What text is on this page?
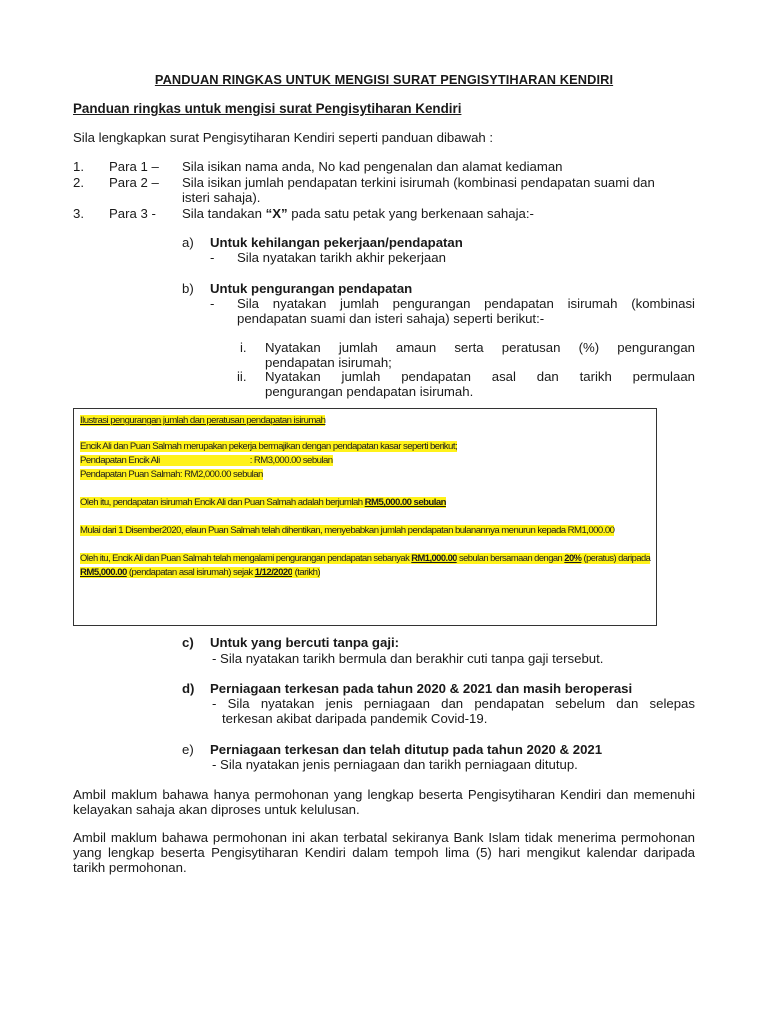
PANDUAN RINGKAS UNTUK MENGISI SURAT PENGISYTIHARAN KENDIRI
Panduan ringkas untuk mengisi surat Pengisytiharan Kendiri
Sila lengkapkan surat Pengisytiharan Kendiri seperti panduan dibawah :
1. Para 1 – Sila isikan nama anda, No kad pengenalan dan alamat kediaman
2. Para 2 – Sila isikan jumlah pendapatan terkini isirumah (kombinasi pendapatan suami dan
isteri sahaja).
3. Para 3 - Sila tandakan “X” pada satu petak yang berkenaan sahaja:-
a) Untuk kehilangan pekerjaan/pendapatan
- Sila nyatakan tarikh akhir pekerjaan
b) Untuk pengurangan pendapatan
- Sila nyatakan jumlah pengurangan pendapatan isirumah (kombinasi
pendapatan suami dan isteri sahaja) seperti berikut:-
i. Nyatakan jumlah amaun serta peratusan (%) pengurangan
pendapatan isirumah;
ii. Nyatakan jumlah pendapatan asal dan tarikh permulaan
pengurangan pendapatan isirumah.
Ilustrasi pengurangan jumlah dan peratusan pendapatan isirumah
Encik Ali dan Puan Salmah merupakan pekerja bermajikan dengan pendapatan kasar seperti berikut;
Pendapatan Encik Ali	: RM3,000.00 sebulan
Pendapatan Puan Salmah: RM2,000.00 sebulan
Oleh itu, pendapatan isirumah Encik Ali dan Puan Salmah adalah berjumlah RM5,000.00 sebulan
Mulai dari 1 Disember2020, elaun Puan Salmah telah dihentikan, menyebabkan jumlah pendapatan bulanannya menurun kepada RM1,000.00
Oleh itu, Encik Ali dan Puan Salmah telah mengalami pengurangan pendapatan sebanyak RM1,000.00 sebulan bersamaan dengan 20% (peratus) daripada
RM5,000.00 (pendapatan asal isirumah) sejak 1/12/2020 (tarikh)
c) Untuk yang bercuti tanpa gaji:
- Sila nyatakan tarikh bermula dan berakhir cuti tanpa gaji tersebut.
d) Perniagaan terkesan pada tahun 2020 & 2021 dan masih beroperasi
- Sila nyatakan jenis perniagaan dan pendapatan sebelum dan selepas
terkesan akibat daripada pandemik Covid-19.
e) Perniagaan terkesan dan telah ditutup pada tahun 2020 & 2021
- Sila nyatakan jenis perniagaan dan tarikh perniagaan ditutup.
Ambil maklum bahawa hanya permohonan yang lengkap beserta Pengisytiharan Kendiri dan memenuhi kelayakan sahaja akan diproses untuk kelulusan.
Ambil maklum bahawa permohonan ini akan terbatal sekiranya Bank Islam tidak menerima permohonan yang lengkap beserta Pengisytiharan Kendiri dalam tempoh lima (5) hari mengikut kalendar daripada tarikh permohonan.
